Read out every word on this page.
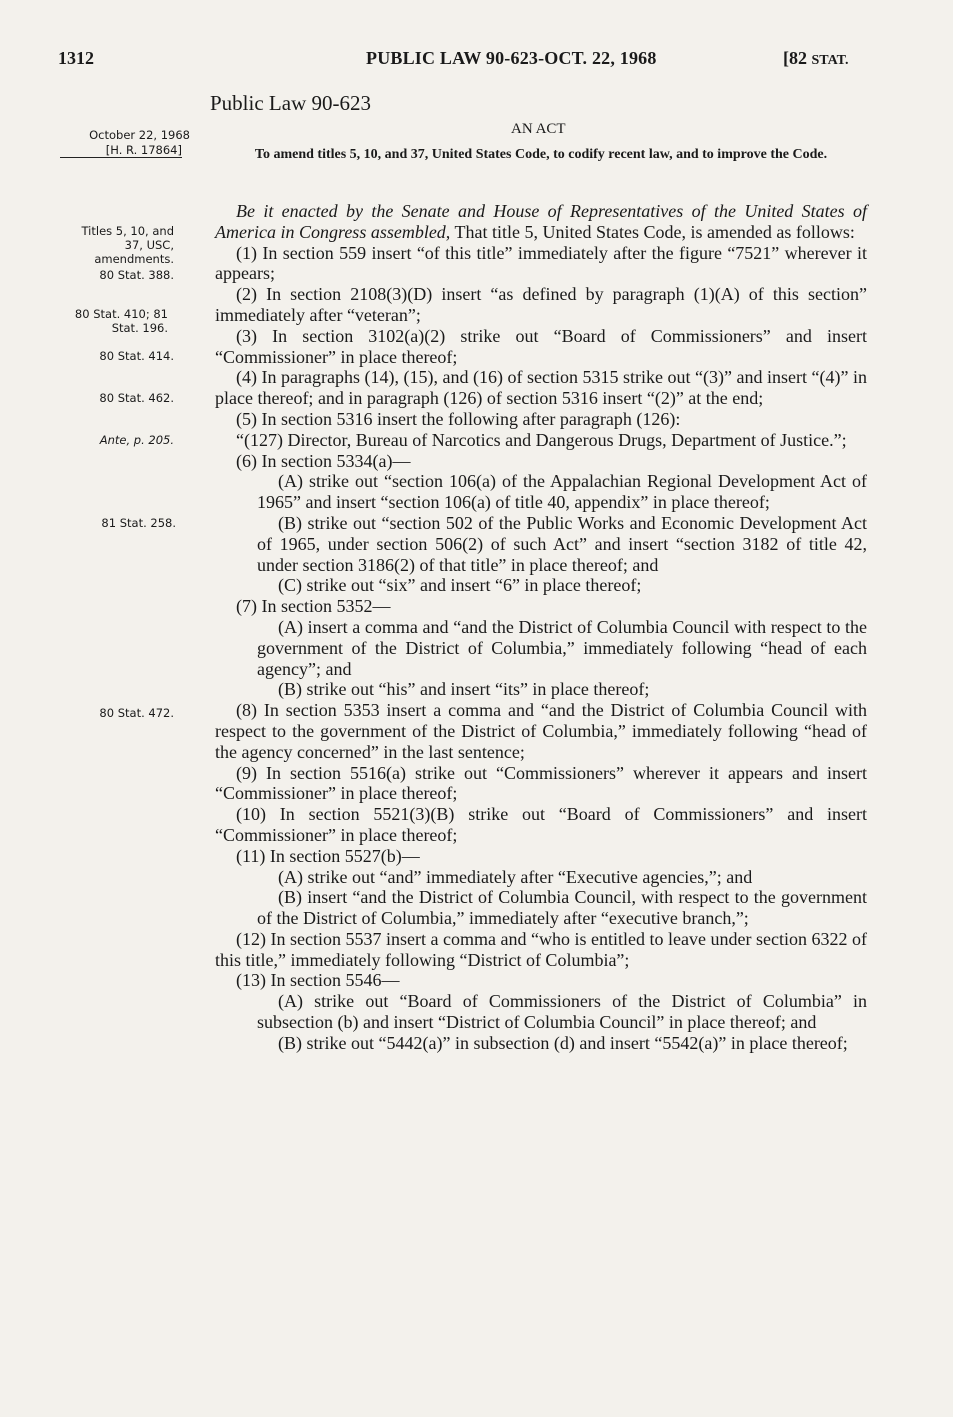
1312	PUBLIC LAW 90-623-OCT. 22, 1968	[82 STAT.
Public Law 90-623
AN ACT
To amend titles 5, 10, and 37, United States Code, to codify recent law, and to improve the Code.
October 22, 1968
[H. R. 17864]
Titles 5, 10, and 37, USC, amendments.
80 Stat. 388.
80 Stat. 410; 81 Stat. 196.
80 Stat. 414.
80 Stat. 462.
Ante, p. 205.
81 Stat. 258.
80 Stat. 472.

Be it enacted by the Senate and House of Representatives of the United States of America in Congress assembled, That title 5, United States Code, is amended as follows:

(1) In section 559 insert “of this title” immediately after the figure “7521” wherever it appears;

(2) In section 2108(3)(D) insert “as defined by paragraph (1)(A) of this section” immediately after “veteran”;

(3) In section 3102(a)(2) strike out “Board of Commissioners” and insert “Commissioner” in place thereof;

(4) In paragraphs (14), (15), and (16) of section 5315 strike out “(3)” and insert “(4)” in place thereof; and in paragraph (126) of section 5316 insert “(2)” at the end;

(5) In section 5316 insert the following after paragraph (126):

“(127) Director, Bureau of Narcotics and Dangerous Drugs, Department of Justice.”;

(6) In section 5334(a)—

(A) strike out “section 106(a) of the Appalachian Regional Development Act of 1965” and insert “section 106(a) of title 40, appendix” in place thereof;

(B) strike out “section 502 of the Public Works and Economic Development Act of 1965, under section 506(2) of such Act” and insert “section 3182 of title 42, under section 3186(2) of that title” in place thereof; and

(C) strike out “six” and insert “6” in place thereof;

(7) In section 5352—

(A) insert a comma and “and the District of Columbia Council with respect to the government of the District of Columbia,” immediately following “head of each agency”; and

(B) strike out “his” and insert “its” in place thereof;

(8) In section 5353 insert a comma and “and the District of Columbia Council with respect to the government of the District of Columbia,” immediately following “head of the agency concerned” in the last sentence;

(9) In section 5516(a) strike out “Commissioners” wherever it appears and insert “Commissioner” in place thereof;

(10) In section 5521(3)(B) strike out “Board of Commissioners” and insert “Commissioner” in place thereof;

(11) In section 5527(b)—

(A) strike out “and” immediately after “Executive agencies,”; and

(B) insert “and the District of Columbia Council, with respect to the government of the District of Columbia,” immediately after “executive branch,”;

(12) In section 5537 insert a comma and “who is entitled to leave under section 6322 of this title,” immediately following “District of Columbia”;

(13) In section 5546—

(A) strike out “Board of Commissioners of the District of Columbia” in subsection (b) and insert “District of Columbia Council” in place thereof; and

(B) strike out “5442(a)” in subsection (d) and insert “5542(a)” in place thereof;
